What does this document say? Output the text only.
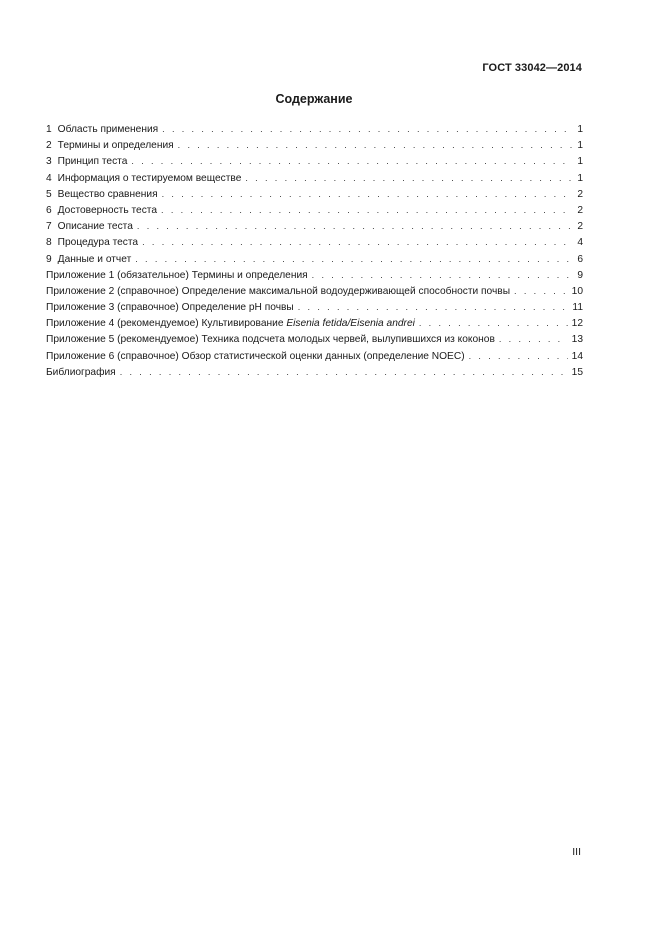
ГОСТ 33042—2014
Содержание
1 Область применения . . .	1
2 Термины и определения . . .	1
3 Принцип теста . . .	1
4 Информация о тестируемом веществе . . .	1
5 Вещество сравнения . . .	2
6 Достоверность теста . . .	2
7 Описание теста . . .	2
8 Процедура теста . . .	4
9 Данные и отчет . . .	6
Приложение 1 (обязательное) Термины и определения . . .	9
Приложение 2 (справочное) Определение максимальной водоудерживающей способности почвы . . .	10
Приложение 3 (справочное) Определение pH почвы . . .	11
Приложение 4 (рекомендуемое) Культивирование Eisenia fetida/Eisenia andrei . . .	12
Приложение 5 (рекомендуемое) Техника подсчета молодых червей, вылупившихся из коконов . . .	13
Приложение 6 (справочное) Обзор статистической оценки данных (определение NOEC) . . .	14
Библиография . . .	15
III
